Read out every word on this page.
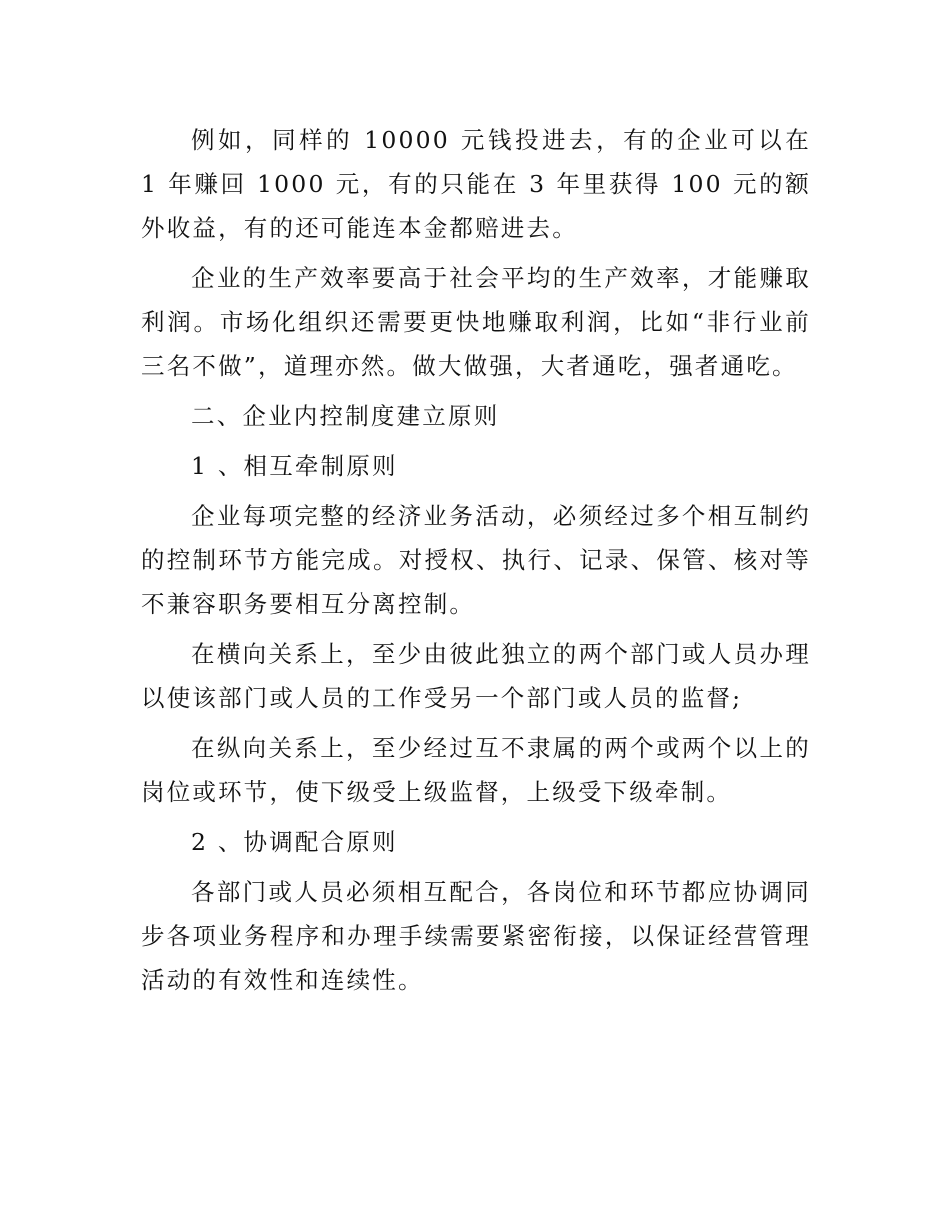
例如，同样的 10000 元钱投进去，有的企业可以在 1 年赚回 1000 元，有的只能在 3 年里获得 100 元的额外收益，有的还可能连本金都赔进去。

企业的生产效率要高于社会平均的生产效率，才能赚取利润。市场化组织还需要更快地赚取利润，比如“非行业前三名不做”，道理亦然。做大做强，大者通吃，强者通吃。

二、企业内控制度建立原则

1 、相互牵制原则

企业每项完整的经济业务活动，必须经过多个相互制约的控制环节方能完成。对授权、执行、记录、保管、核对等不兼容职务要相互分离控制。

在横向关系上，至少由彼此独立的两个部门或人员办理以使该部门或人员的工作受另一个部门或人员的监督;

在纵向关系上，至少经过互不隶属的两个或两个以上的岗位或环节，使下级受上级监督，上级受下级牵制。

2 、协调配合原则

各部门或人员必须相互配合，各岗位和环节都应协调同步各项业务程序和办理手续需要紧密衔接，以保证经营管理活动的有效性和连续性。
